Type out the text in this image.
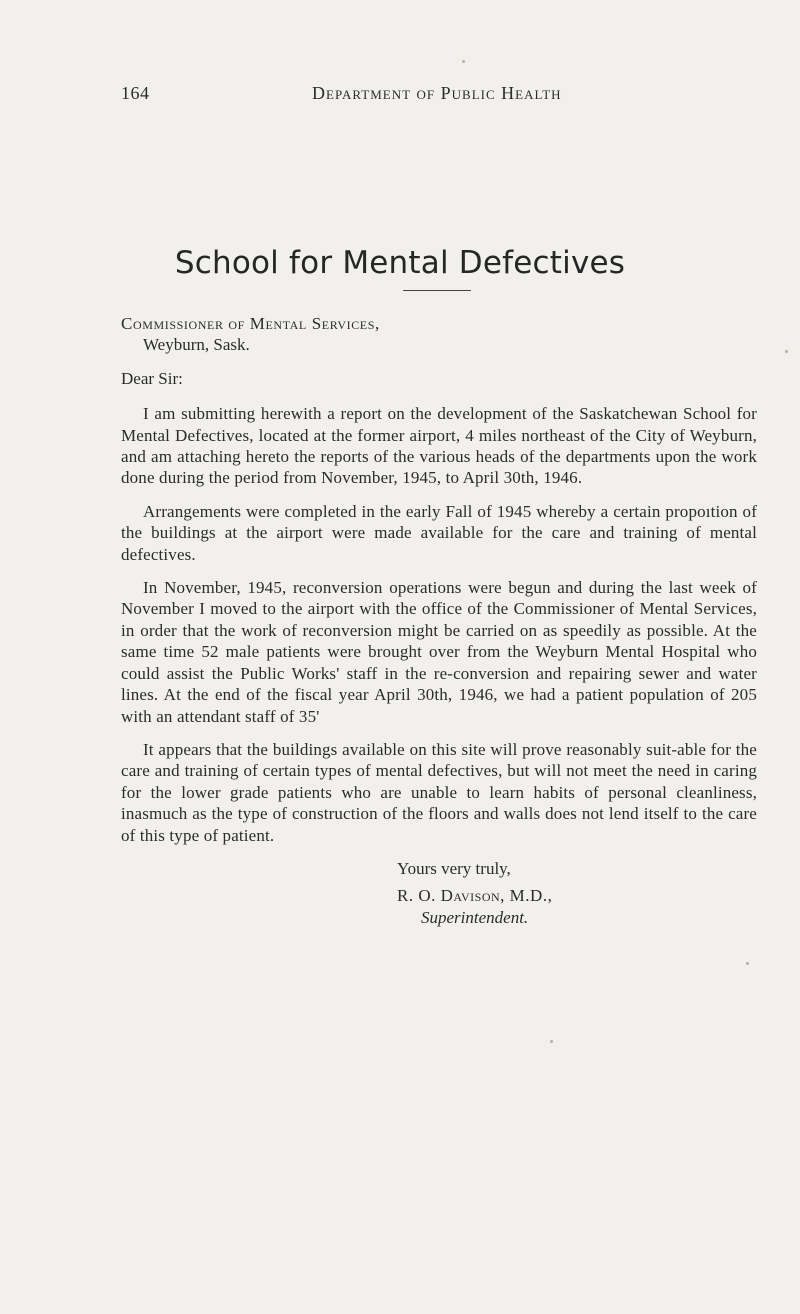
164	Department of Public Health
School for Mental Defectives

Commissioner of Mental Services,

Weyburn, Sask.

Dear Sir:

I am submitting herewith a report on the development of the Saskatchewan School for Mental Defectives, located at the former airport, 4 miles northeast of the City of Weyburn, and am attaching hereto the reports of the various heads of the departments upon the work done during the period from November, 1945, to April 30th, 1946.

Arrangements were completed in the early Fall of 1945 whereby a certain propoıtion of the buildings at the airport were made available for the care and training of mental defectives.

In November, 1945, reconversion operations were begun and during the last week of November I moved to the airport with the office of the Commissioner of Mental Services, in order that the work of reconversion might be carried on as speedily as possible. At the same time 52 male patients were brought over from the Weyburn Mental Hospital who could assist the Public Works' staff in the re-conversion and repairing sewer and water lines. At the end of the fiscal year April 30th, 1946, we had a patient population of 205 with an attendant staff of 35'

It appears that the buildings available on this site will prove reasonably suit-able for the care and training of certain types of mental defectives, but will not meet the need in caring for the lower grade patients who are unable to learn habits of personal cleanliness, inasmuch as the type of construction of the floors and walls does not lend itself to the care of this type of patient.

Yours very truly,

R. O. Davison, M.D.,

Superintendent.
